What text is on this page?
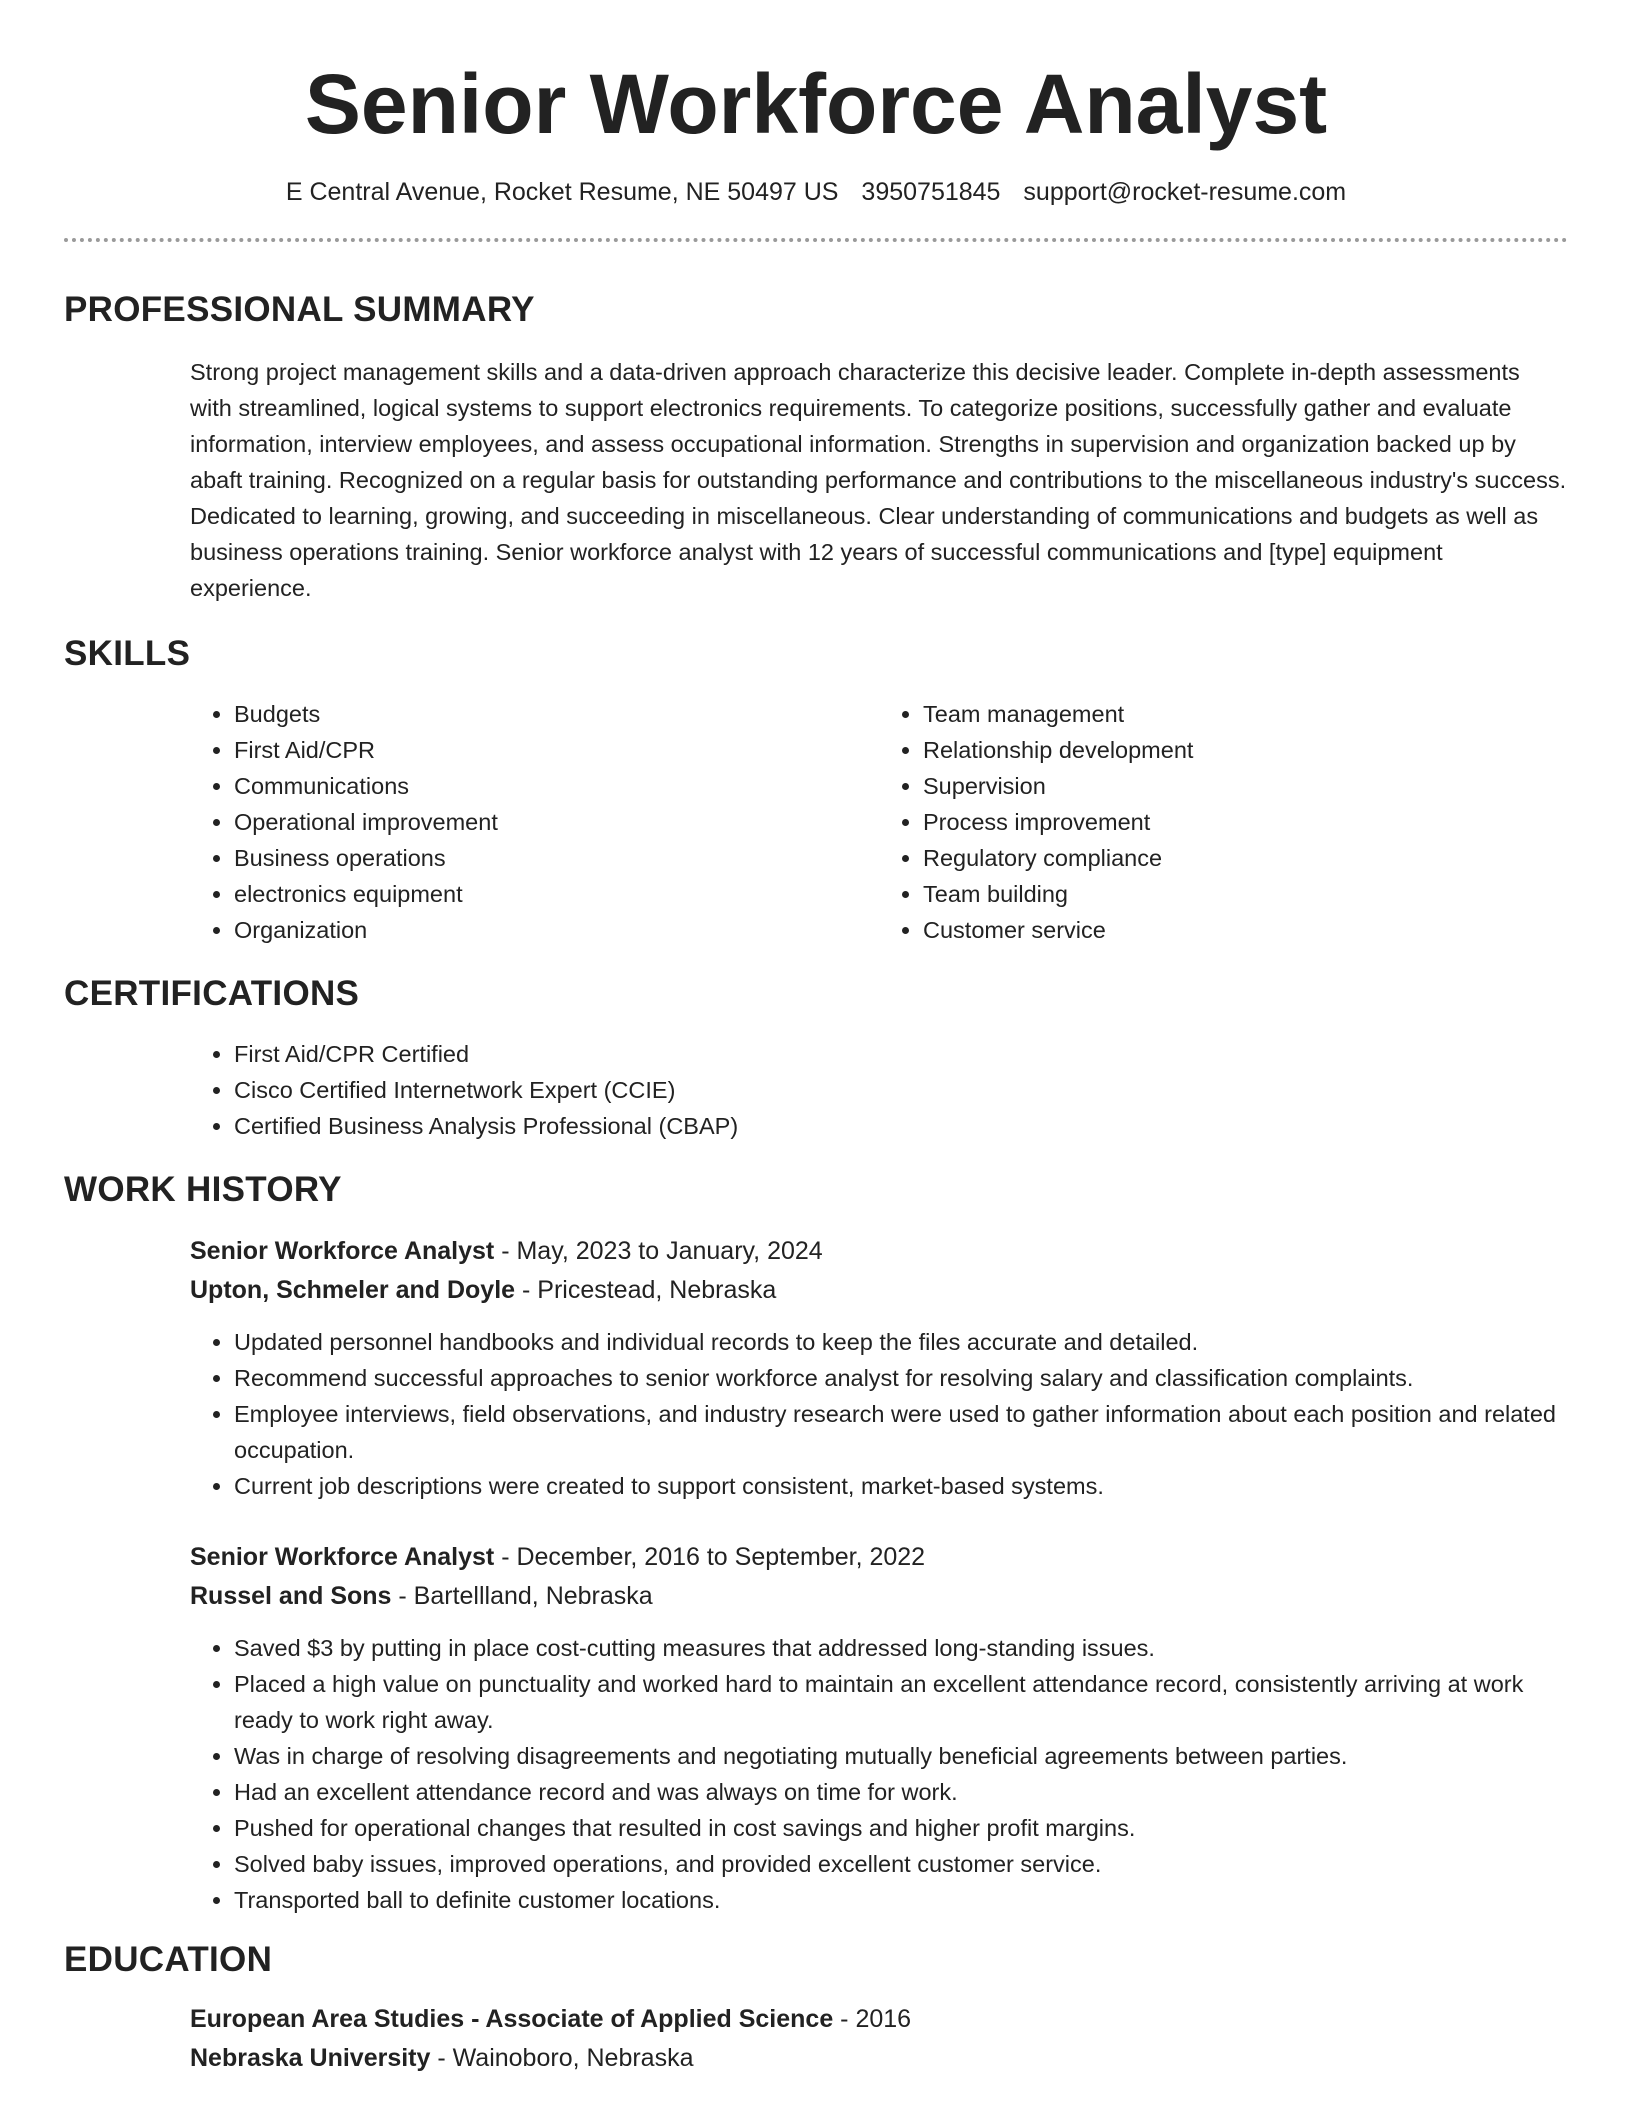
Senior Workforce Analyst
E Central Avenue, Rocket Resume, NE 50497 US 3950751845 support@rocket-resume.com
PROFESSIONAL SUMMARY
Strong project management skills and a data-driven approach characterize this decisive leader. Complete in-depth assessments with streamlined, logical systems to support electronics requirements. To categorize positions, successfully gather and evaluate information, interview employees, and assess occupational information. Strengths in supervision and organization backed up by abaft training. Recognized on a regular basis for outstanding performance and contributions to the miscellaneous industry's success. Dedicated to learning, growing, and succeeding in miscellaneous. Clear understanding of communications and budgets as well as business operations training. Senior workforce analyst with 12 years of successful communications and [type] equipment experience.
SKILLS
• Budgets
• First Aid/CPR
• Communications
• Operational improvement
• Business operations
• electronics equipment
• Organization
• Team management
• Relationship development
• Supervision
• Process improvement
• Regulatory compliance
• Team building
• Customer service
CERTIFICATIONS
• First Aid/CPR Certified
• Cisco Certified Internetwork Expert (CCIE)
• Certified Business Analysis Professional (CBAP)
WORK HISTORY
Senior Workforce Analyst - May, 2023 to January, 2024
Upton, Schmeler and Doyle - Pricestead, Nebraska
• Updated personnel handbooks and individual records to keep the files accurate and detailed.
• Recommend successful approaches to senior workforce analyst for resolving salary and classification complaints.
• Employee interviews, field observations, and industry research were used to gather information about each position and related occupation.
• Current job descriptions were created to support consistent, market-based systems.
Senior Workforce Analyst - December, 2016 to September, 2022
Russel and Sons - Bartellland, Nebraska
• Saved $3 by putting in place cost-cutting measures that addressed long-standing issues.
• Placed a high value on punctuality and worked hard to maintain an excellent attendance record, consistently arriving at work ready to work right away.
• Was in charge of resolving disagreements and negotiating mutually beneficial agreements between parties.
• Had an excellent attendance record and was always on time for work.
• Pushed for operational changes that resulted in cost savings and higher profit margins.
• Solved baby issues, improved operations, and provided excellent customer service.
• Transported ball to definite customer locations.
EDUCATION
European Area Studies - Associate of Applied Science - 2016
Nebraska University - Wainoboro, Nebraska
